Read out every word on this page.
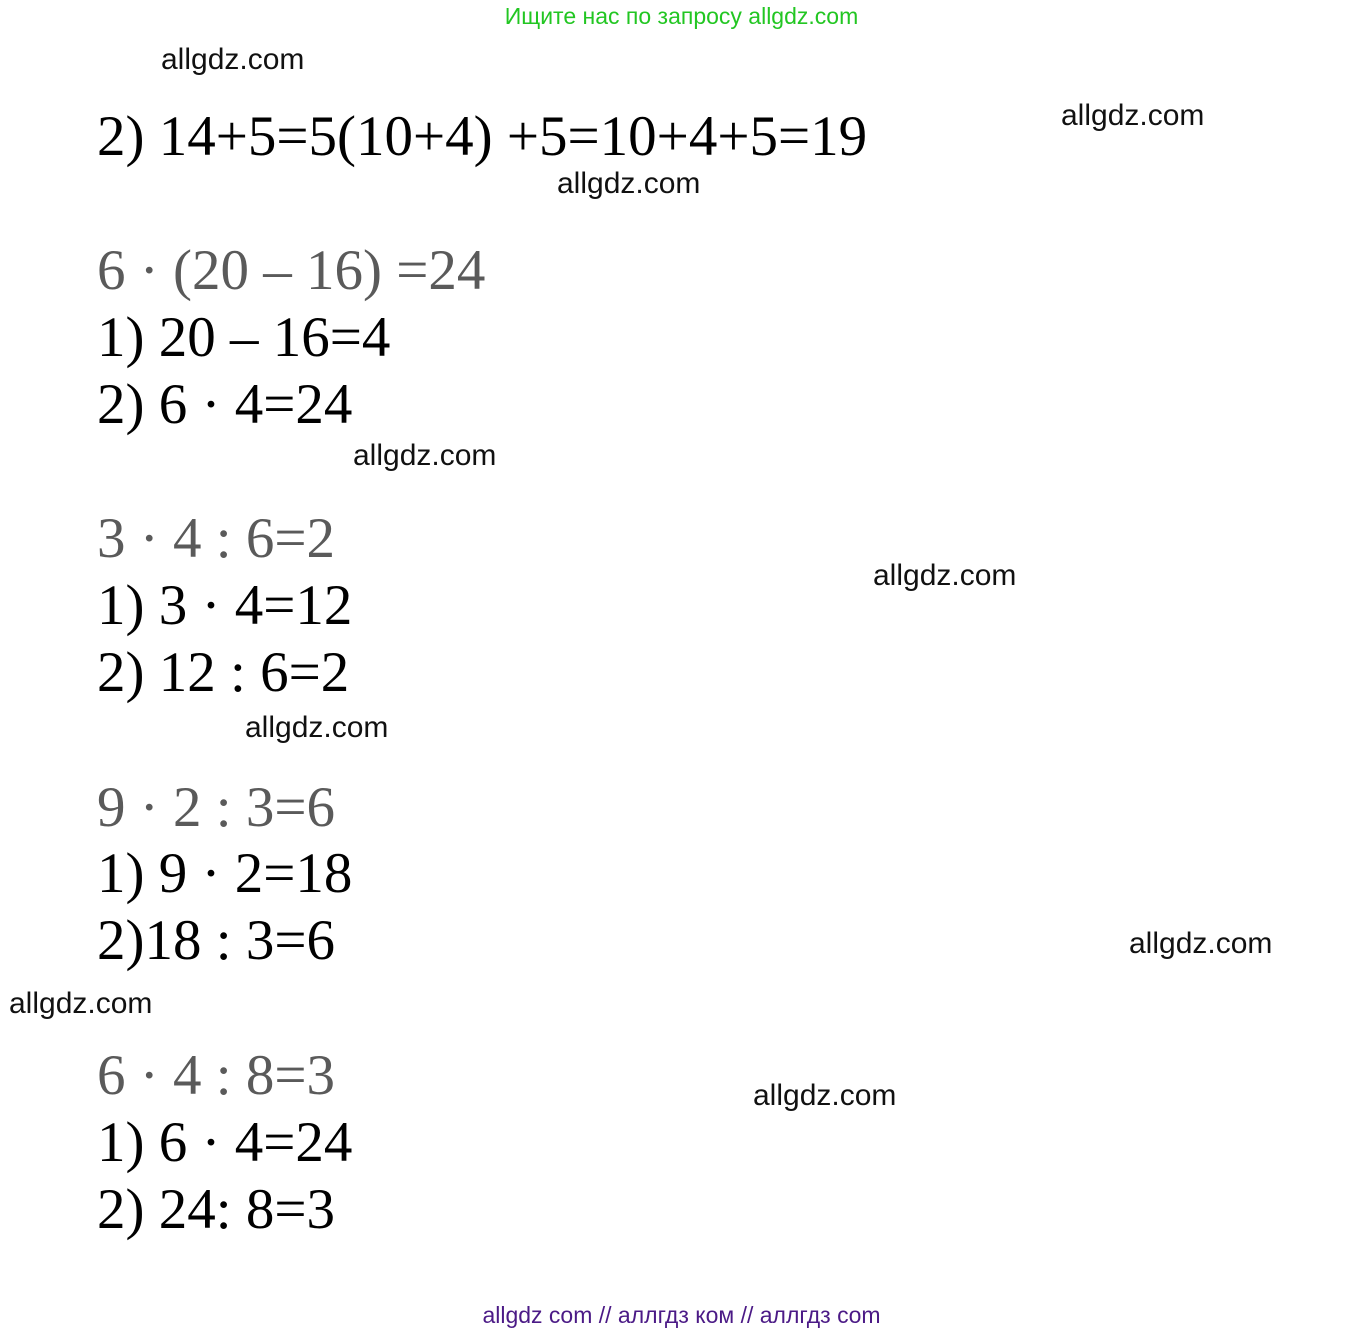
Ищите нас по запросу allgdz.com
allgdz.com
allgdz.com
allgdz.com
allgdz.com
allgdz.com
allgdz.com
allgdz.com
allgdz.com
allgdz.com
2) 14+5=5(10+4) +5=10+4+5=19
6 · (20 – 16) =24
1) 20 – 16=4
2) 6 · 4=24
3 · 4 : 6=2
1) 3 · 4=12
2) 12 : 6=2
9 · 2 : 3=6
1) 9 · 2=18
2)18 : 3=6
6 · 4 : 8=3
1) 6 · 4=24
2) 24: 8=3
allgdz com // аллгдз ком // аллгдз com
